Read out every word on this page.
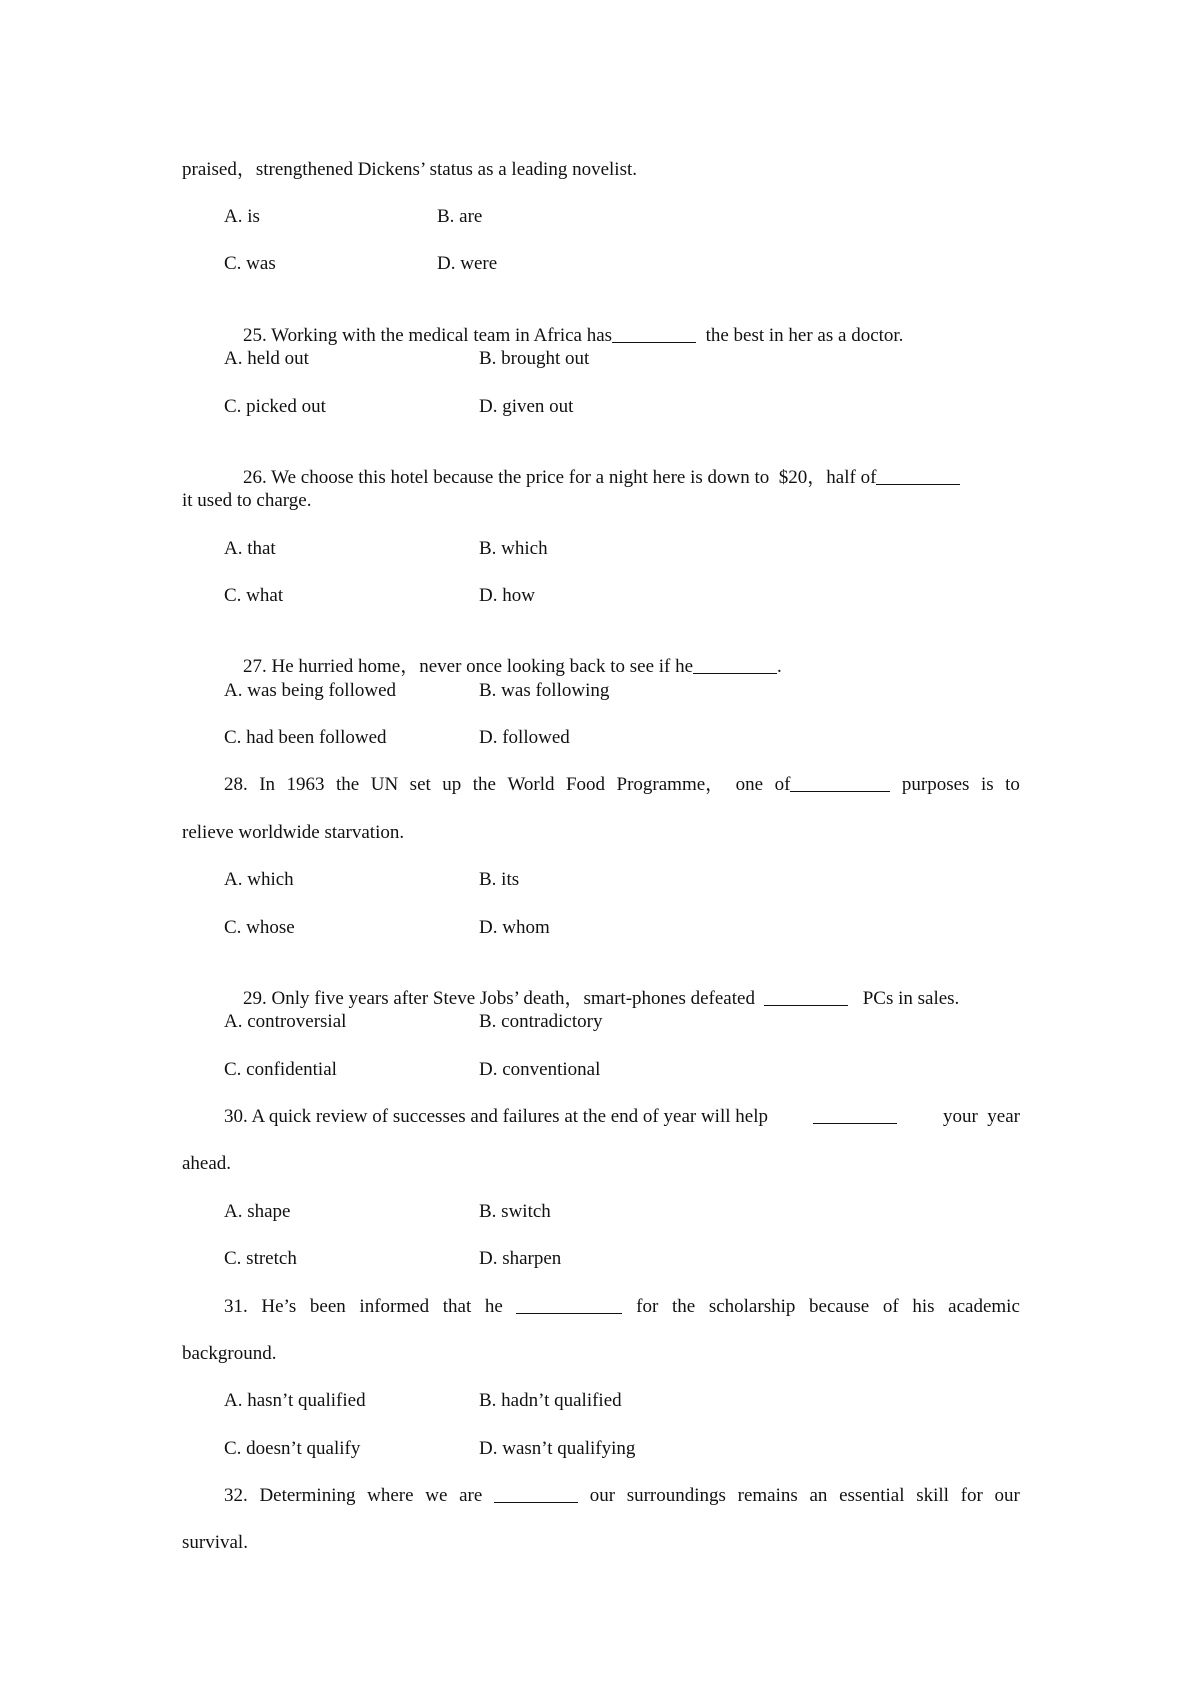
praised，strengthened Dickens’ status as a leading novelist.
A. is	B. are
C. was	D. were

25. Working with the medical team in Africa has	the best in her as a doctor.

A. held out	B. brought out
C. picked out	D. given out

26. We choose this hotel because the price for a night here is down to  $20，half of

it used to charge.
A. that	B. which
C. what	D. how

27. He hurried home，never once looking back to see if he	.

A. was being followed	B. was following
C. had been followed	D. followed
28. In 1963 the UN set up the World Food Programme， one of	purposes is to
relieve worldwide starvation.
A. which	B. its
C. whose	D. whom

29. Only five years after Steve Jobs’ death，smart-phones defeated	PCs in sales.

A. controversial	B. contradictory
C. confidential	D. conventional
30. A quick review of successes and failures at the end of year will help	your year
ahead.
A. shape	B. switch
C. stretch	D. sharpen
31. He’s been informed that he	for the scholarship because of his academic
background.
A. hasn’t qualified	B. hadn’t qualified
C. doesn’t qualify	D. wasn’t qualifying
32. Determining where we are	our surroundings remains an essential skill for our
survival.
